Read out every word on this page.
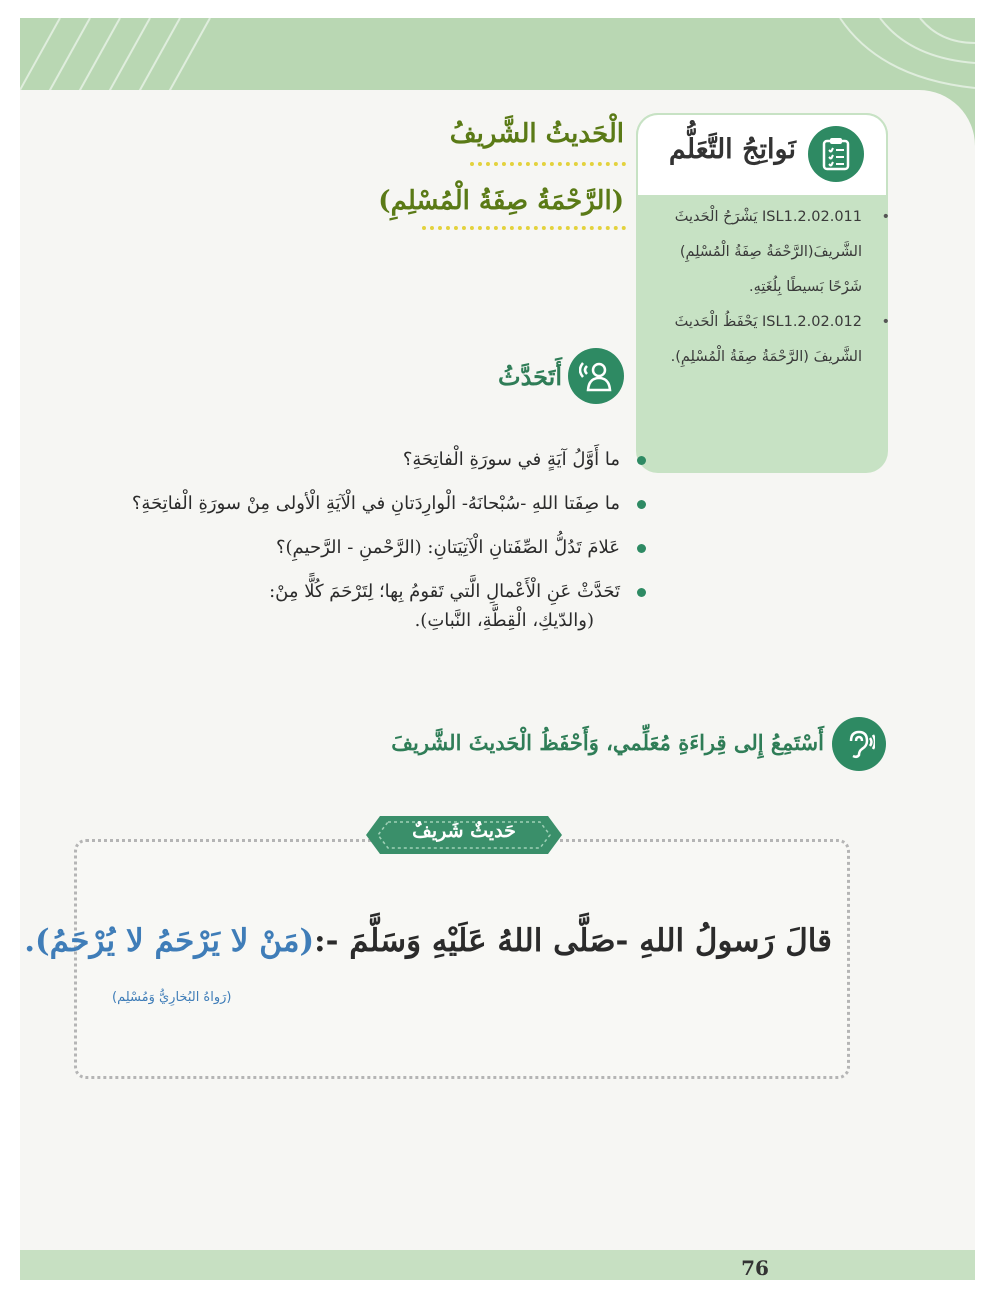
نَواتِجُ التَّعَلُّم
• ISL1.2.02.011 يَشْرَحُ الْحَديثَ الشَّريفَ(الرَّحْمَةُ صِفَةُ الْمُسْلِمِ) شَرْحًا بَسيطًا بِلُغَتِهِ.
• ISL1.2.02.012 يَحْفَظُ الْحَديثَ الشَّريفَ (الرَّحْمَةُ صِفَةُ الْمُسْلِمِ).
الْحَديثُ الشَّريفُ
(الرَّحْمَةُ صِفَةُ الْمُسْلِمِ)
أَتَحَدَّثُ
ما أَوَّلُ آيَةٍ في سورَةِ الْفاتِحَةِ؟
ما صِفَتا اللهِ -سُبْحانَهُ- الْوارِدَتانِ في الْآيَةِ الْأولى مِنْ سورَةِ الْفاتِحَةِ؟
عَلامَ تَدُلُّ الصِّفَتانِ الْآتِيَتانِ: (الرَّحْمنِ - الرَّحيمِ)؟
تَحَدَّثْ عَنِ الْأَعْمالِ الَّتي تَقومُ بِها؛ لِتَرْحَمَ كُلًّا مِنْ:
(والدّيكِ، الْقِطَّةِ، النَّباتِ).
أَسْتَمِعُ إِلى قِراءَةِ مُعَلِّمي، وَأَحْفَظُ الْحَديثَ الشَّريفَ
حَديثٌ شَريفٌ
قالَ رَسولُ اللهِ -صَلَّى اللهُ عَلَيْهِ وَسَلَّمَ -:(مَنْ لا يَرْحَمُ لا يُرْحَمُ).
(رَواهُ البُخارِيُّ وَمُسْلِم)
76
